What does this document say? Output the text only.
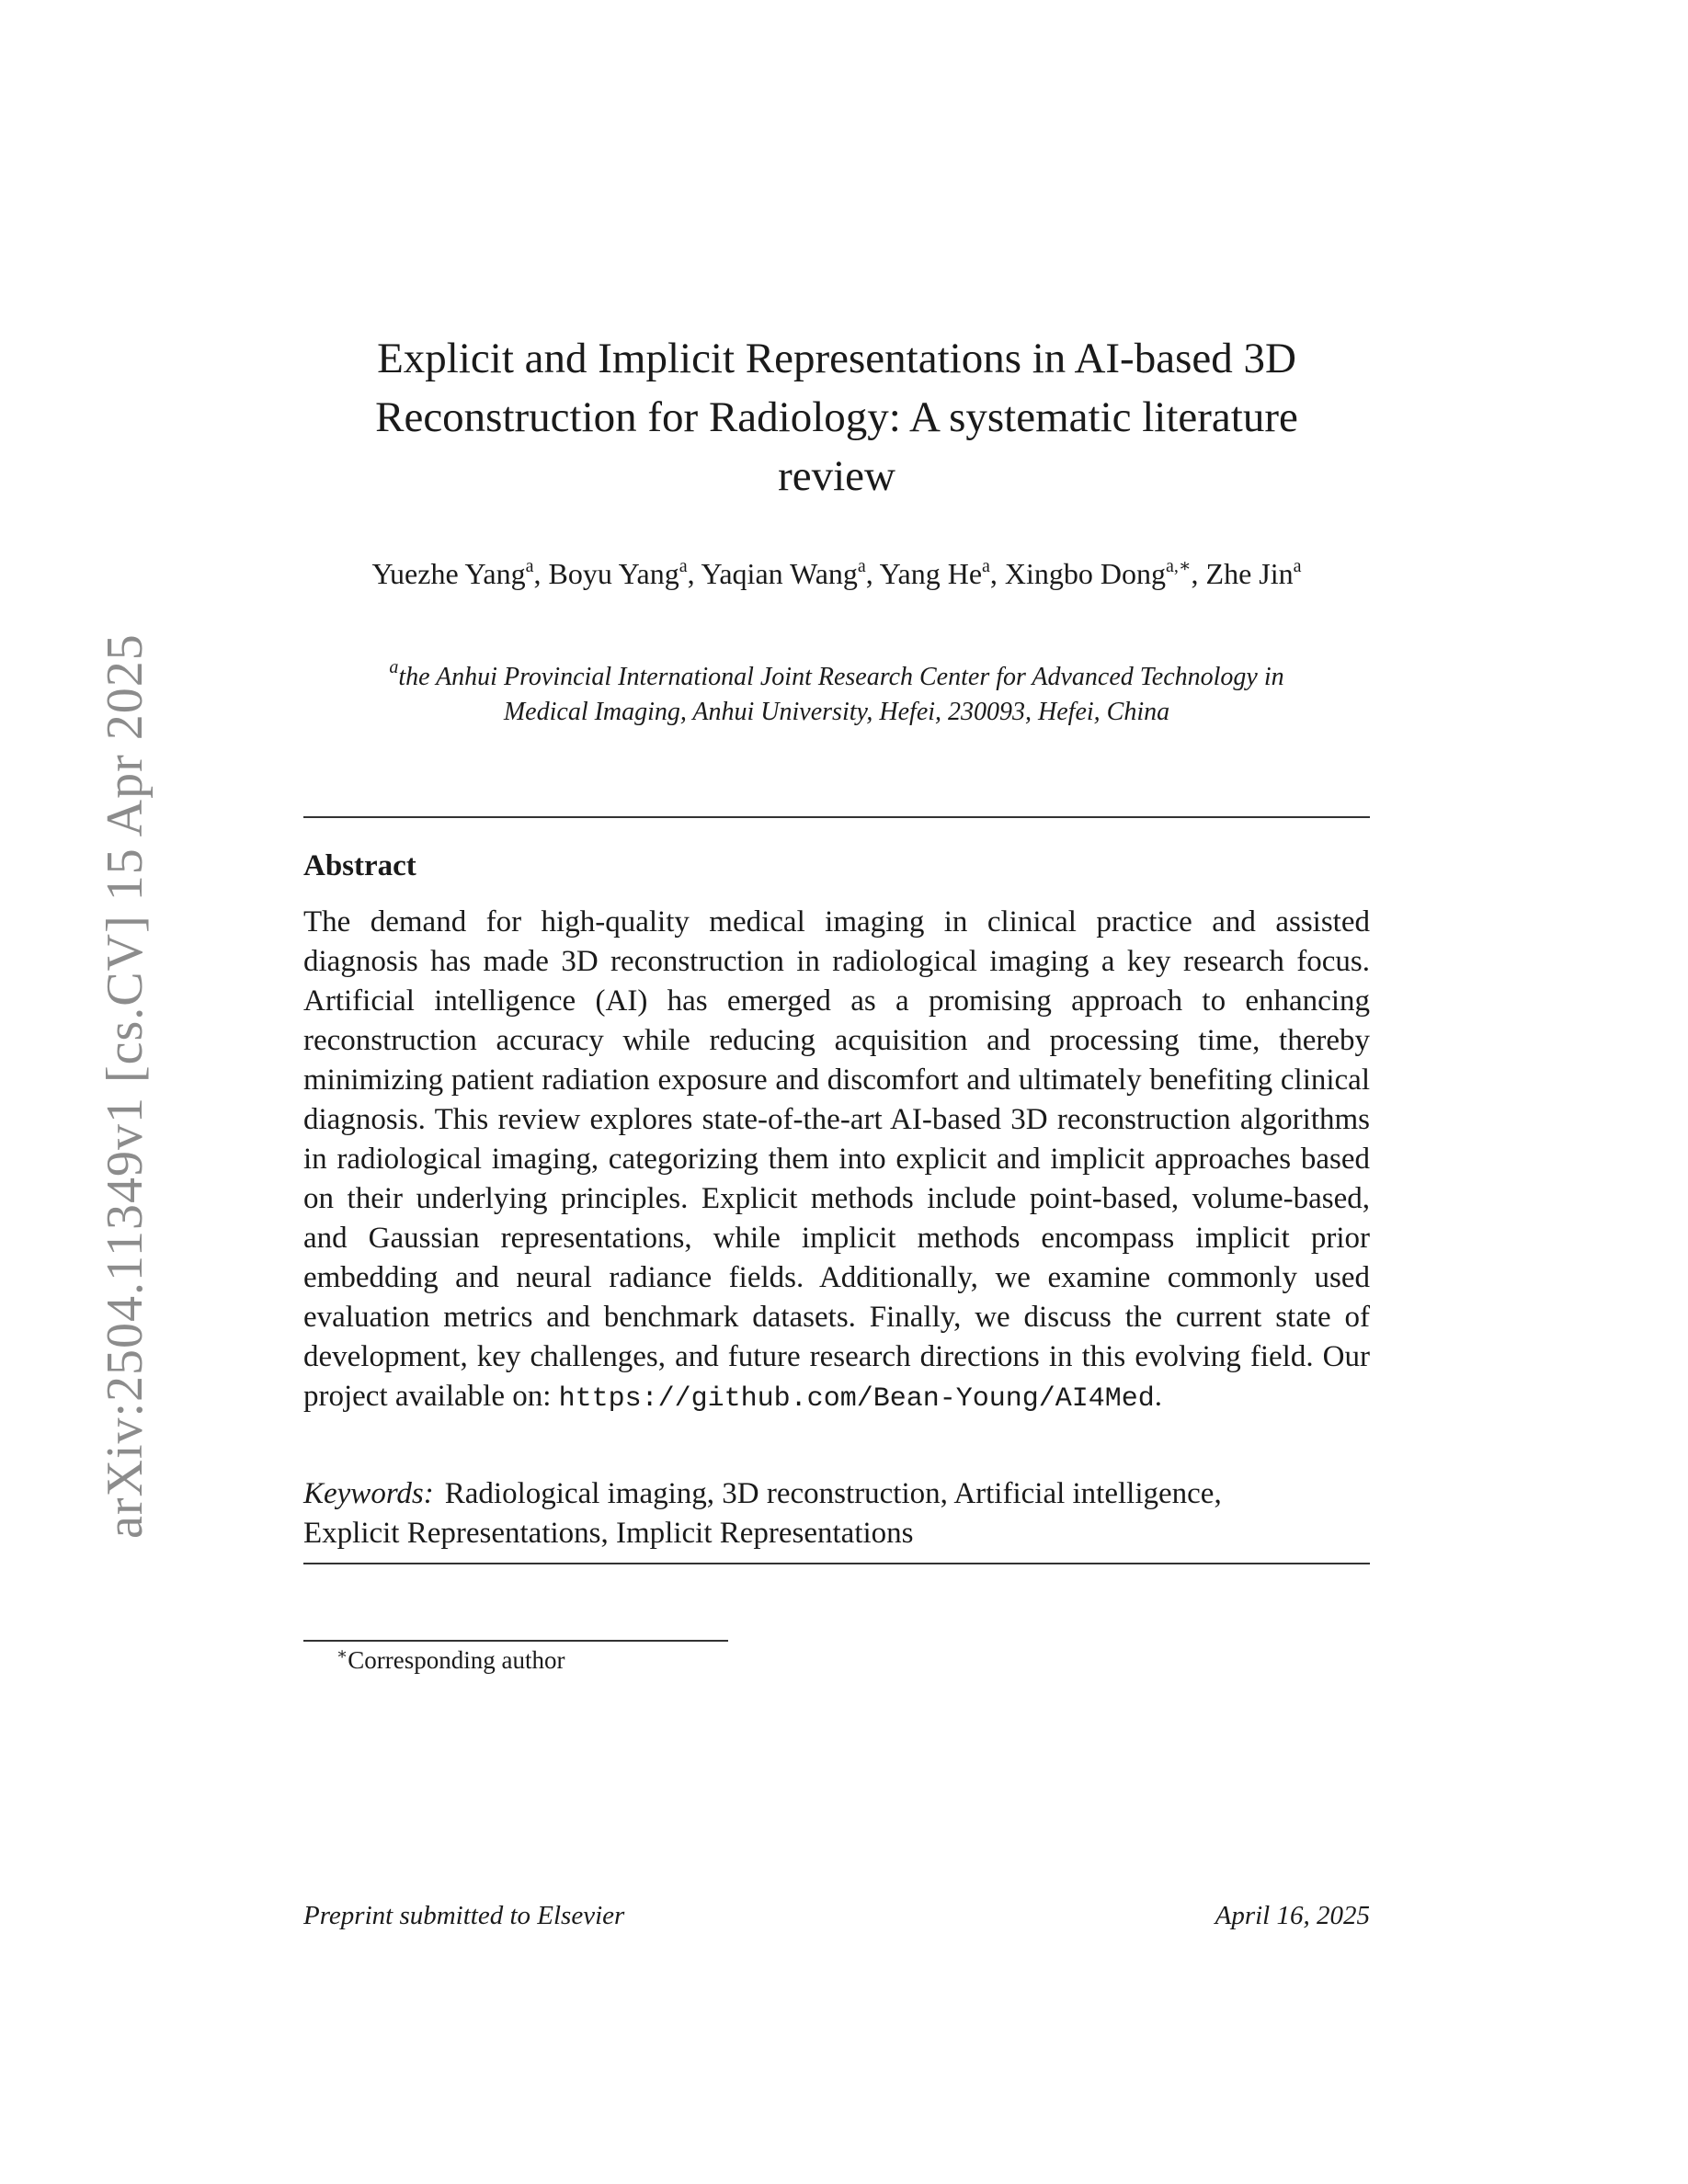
arXiv:2504.11349v1 [cs.CV] 15 Apr 2025
Explicit and Implicit Representations in AI-based 3D
Reconstruction for Radiology: A systematic literature
review
Yuezhe Yang$^a$, Boyu Yang$^a$, Yaqian Wang$^a$, Yang He$^a$, Xingbo Dong$^{a,∗}$, Zhe Jin$^a$
$^a$the Anhui Provincial International Joint Research Center for Advanced Technology in
Medical Imaging, Anhui University, Hefei, 230093, Hefei, China
Abstract
The demand for high-quality medical imaging in clinical practice and assisted diagnosis has made 3D reconstruction in radiological imaging a key research focus. Artificial intelligence (AI) has emerged as a promising approach to enhancing reconstruction accuracy while reducing acquisition and processing time, thereby minimizing patient radiation exposure and discomfort and ultimately benefiting clinical diagnosis. This review explores state-of-the-art AI-based 3D reconstruction algorithms in radiological imaging, categorizing them into explicit and implicit approaches based on their underlying principles. Explicit methods include point-based, volume-based, and Gaussian representations, while implicit methods encompass implicit prior embedding and neural radiance fields. Additionally, we examine commonly used evaluation metrics and benchmark datasets. Finally, we discuss the current state of development, key challenges, and future research directions in this evolving field. Our project available on: https://github.com/Bean-Young/AI4Med.
Keywords: Radiological imaging, 3D reconstruction, Artificial intelligence,
Explicit Representations, Implicit Representations
∗Corresponding author
Preprint submitted to Elsevier	April 16, 2025
